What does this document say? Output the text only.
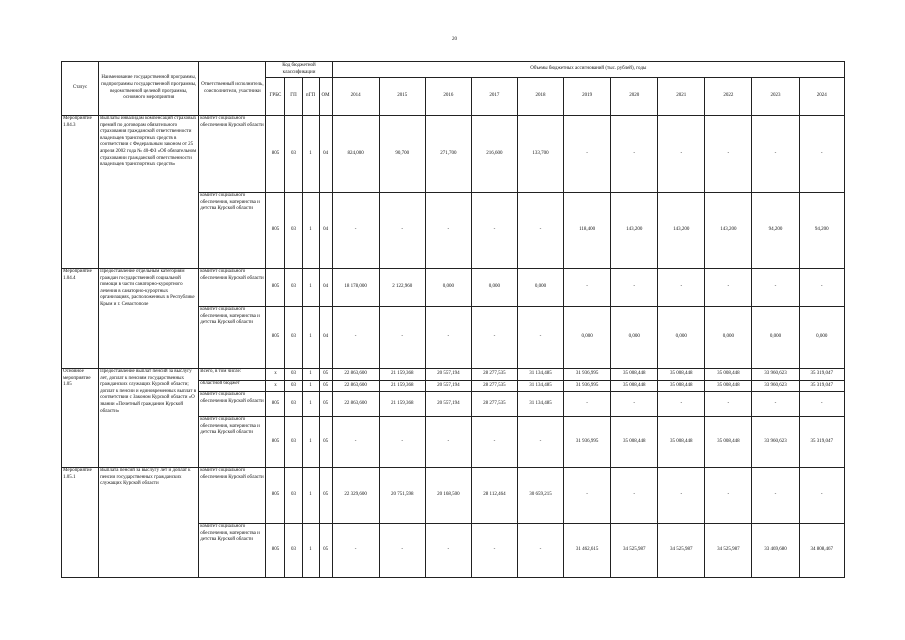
20
Статус	Наименование государственной программы, подпрограммы государственной программы, ведомственной целевой программы, основного мероприятия	Ответственный исполнитель, соисполнители, участники	Код бюджетной классификации				Объемы бюджетных ассигнований (тыс. рублей), годы										
			ГРБС	ГП	пГП	ОМ	2014	2015	2016	2017	2018	2019	2020	2021	2022	2023	2024
Мероприятие 1.04.3	Выплаты инвалидам компенсаций страховых премий по договорам обязательного страхования гражданской ответственности владельцев транспортных средств в соответствии с Федеральным законом от 25 апреля 2002 года № 40-ФЗ «Об обязательном страховании гражданской ответственности владельцев транспортных средств»	комитет социального обеспечения Курской области	805	03	1	04	824,000	90,700	271,700	216,600	133,700	-	-	-	-	-	-
		комитет социального обеспечения, материнства и детства Курской области	805	03	1	04	-	-	-	-	-	118,400	143,200	143,200	143,200	94,200	94,200
Мероприятие 1.04.4	Предоставление отдельным категориям граждан государственной социальной помощи в части санаторно-курортного лечения в санаторно-курортных организациях, расположенных в Республике Крым и г. Севастополе	комитет социального обеспечения Курской области	805	03	1	04	18 178,000	2 122,960	0,000	0,000	0,000	-	-	-	-	-	-
		комитет социального обеспечения, материнства и детства Курской области	805	03	1	04	-	-	-	-	-	0,000	0,000	0,000	0,000	0,000	0,000
Основное мероприятие 1.05	Предоставление выплат пенсий за выслугу лет, доплат к пенсиям государственных гражданских служащих Курской области; доплат к пенсии и единовременных выплат в соответствии с Законом Курской области «О звании «Почетный гражданин Курской области»	Всего, в том числе:	х	03	1	05	22 863,600	21 159,368	20 557,194	28 277,535	31 134,485	31 936,995	35 008,448	35 008,448	35 008,448	33 960,623	35 319,047
		областной бюджет	х	03	1	05	22 863,600	21 159,368	20 557,194	28 277,535	31 134,485	31 936,995	35 008,448	35 008,448	35 008,448	33 960,623	35 319,047
		комитет социального обеспечения Курской области	805	03	1	05	22 863,600	21 159,368	20 557,194	28 277,535	31 134,485	-	-	-	-	-	-
		комитет социального обеспечения, материнства и детства Курской области	805	03	1	05	-	-	-	-	-	31 936,995	35 008,448	35 008,448	35 008,448	33 960,623	35 319,047
Мероприятие 1.05.1	Выплата пенсий за выслугу лет и доплат к пенсии государственных гражданских служащих Курской области	комитет социального обеспечения Курской области	805	03	1	05	22 329,600	20 751,598	20 168,500	28 112,464	30 659,215	-	-	-	-	-	-
		комитет социального обеспечения, материнства и детства Курской области	805	03	1	05	-	-	-	-	-	31 462,615	34 525,987	34 525,987	34 525,987	33 469,680	34 808,467
